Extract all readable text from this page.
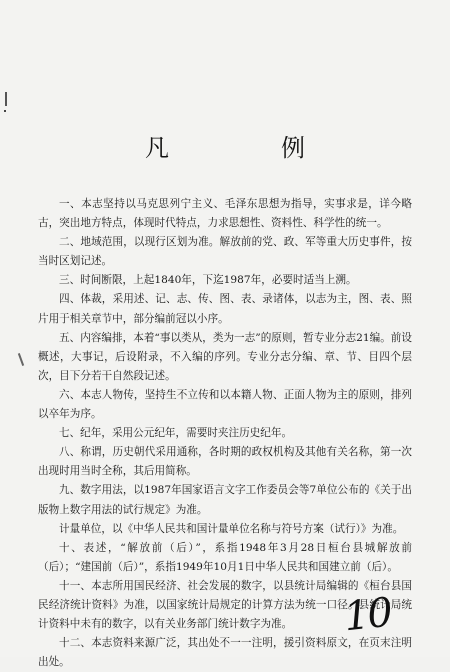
凡　例

一、本志坚持以马克思列宁主义、毛泽东思想为指导，实事求是，详今略古，突出地方特点，体现时代特点，力求思想性、资料性、科学性的统一。

二、地域范围，以现行区划为准。解放前的党、政、军等重大历史事件，按当时区划记述。

三、时间断限，上起1840年，下迄1987年，必要时适当上溯。

四、体裁，采用述、记、志、传、图、表、录诸体，以志为主，图、表、照片用于相关章节中，部分编前冠以小序。

五、内容编排，本着“事以类从，类为一志”的原则，暂专业分志21编。前设概述，大事记，后设附录，不入编的序列。专业分志分编、章、节、目四个层次，目下分若干自然段记述。

六、本志人物传，坚持生不立传和以本籍人物、正面人物为主的原则，排列以卒年为序。

七、纪年，采用公元纪年，需要时夹注历史纪年。

八、称谓，历史朝代采用通称，各时期的政权机构及其他有关名称，第一次出现时用当时全称，其后用简称。

九、数字用法，以1987年国家语言文字工作委员会等7单位公布的《关于出版物上数字用法的试行规定》为准。

计量单位，以《中华人民共和国计量单位名称与符号方案（试行）》为准。

十、表述，“解放前（后）”，系指1948年3月28日桓台县城解放前（后）；“建国前（后）”，系指1949年10月1日中华人民共和国建立前（后）。

十一、本志所用国民经济、社会发展的数字，以县统计局编辑的《桓台县国民经济统计资料》为准，以国家统计局规定的计算方法为统一口径。县统计局统计资料中未有的数字，以有关业务部门统计数字为准。

十二、本志资料来源广泛，其出处不一一注明，援引资料原文，在页末注明出处。

10
